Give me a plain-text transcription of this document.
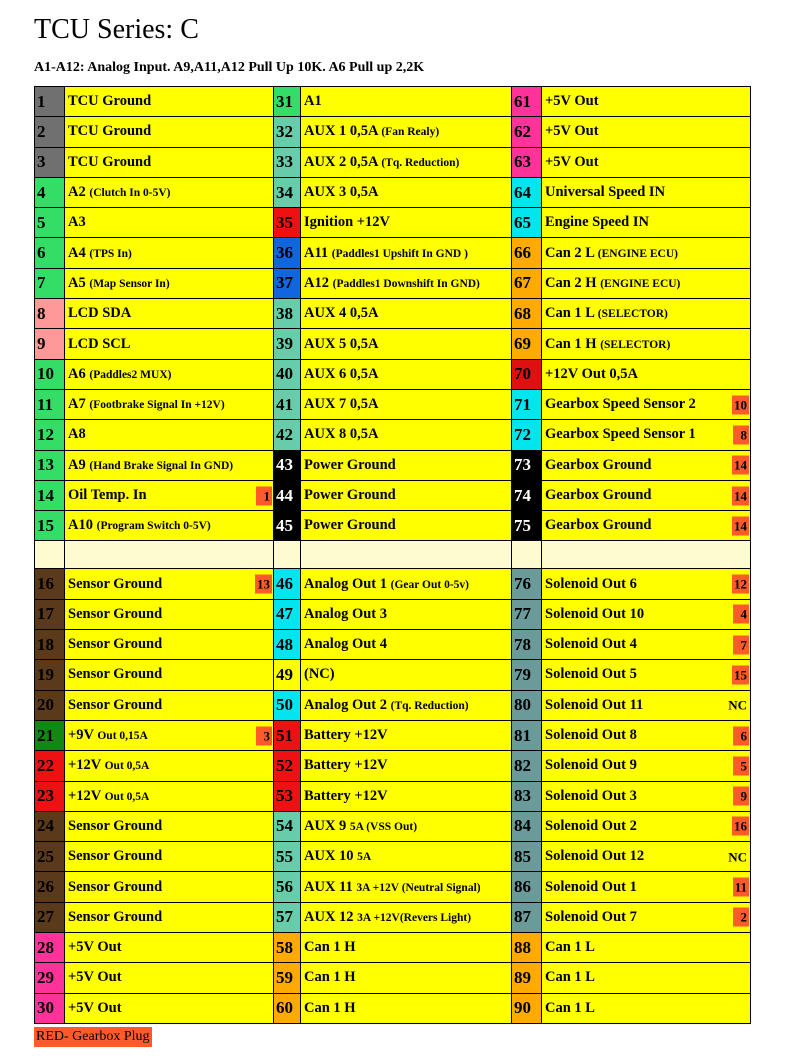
TCU Series: C
A1-A12: Analog Input. A9,A11,A12 Pull Up 10K. A6 Pull up 2,2K
1	TCU Ground	31	A1	61	+5V Out

2	TCU Ground	32	AUX 1 0,5A (Fan Realy)	62	+5V Out

3	TCU Ground	33	AUX 2 0,5A (Tq. Reduction)	63	+5V Out

4	A2 (Clutch In 0-5V)	34	AUX 3 0,5A	64	Universal Speed IN

5	A3	35	Ignition +12V	65	Engine Speed IN

6	A4 (TPS In)	36	A11 (Paddles1 Upshift In GND )	66	Can 2 L (ENGINE ECU)

7	A5 (Map Sensor In)	37	A12 (Paddles1 Downshift In GND)	67	Can 2 H (ENGINE ECU)

8	LCD SDA	38	AUX 4 0,5A	68	Can 1 L (SELECTOR)

9	LCD SCL	39	AUX 5 0,5A	69	Can 1 H (SELECTOR)

10	A6 (Paddles2 MUX)	40	AUX 6 0,5A	70	+12V Out 0,5A

11	A7 (Footbrake Signal In +12V)	41	AUX 7 0,5A	71	Gearbox Speed Sensor 2 10

12	A8	42	AUX 8 0,5A	72	Gearbox Speed Sensor 1 8

13	A9 (Hand Brake Signal In GND)	43	Power Ground	73	Gearbox Ground 14

14	Oil Temp. In 1	44	Power Ground	74	Gearbox Ground 14

15	A10 (Program Switch 0-5V)	45	Power Ground	75	Gearbox Ground 14

16	Sensor Ground 13	46	Analog Out 1 (Gear Out 0-5v)	76	Solenoid Out 6 12

17	Sensor Ground	47	Analog Out 3	77	Solenoid Out 10 4

18	Sensor Ground	48	Analog Out 4	78	Solenoid Out 4 7

19	Sensor Ground	49	(NC)	79	Solenoid Out 5 15

20	Sensor Ground	50	Analog Out 2 (Tq. Reduction)	80	Solenoid Out 11 NC

21	+9V Out 0,15A 3	51	Battery +12V	81	Solenoid Out 8 6

22	+12V Out 0,5A	52	Battery +12V	82	Solenoid Out 9 5

23	+12V Out 0,5A	53	Battery +12V	83	Solenoid Out 3 9

24	Sensor Ground	54	AUX 9 5A (VSS Out)	84	Solenoid Out 2 16

25	Sensor Ground	55	AUX 10 5A	85	Solenoid Out 12 NC

26	Sensor Ground	56	AUX 11 3A +12V (Neutral Signal)	86	Solenoid Out 1 11

27	Sensor Ground	57	AUX 12 3A +12V(Revers Light)	87	Solenoid Out 7 2

28	+5V Out	58	Can 1 H	88	Can 1 L

29	+5V Out	59	Can 1 H	89	Can 1 L

30	+5V Out	60	Can 1 H	90	Can 1 L
RED- Gearbox Plug
